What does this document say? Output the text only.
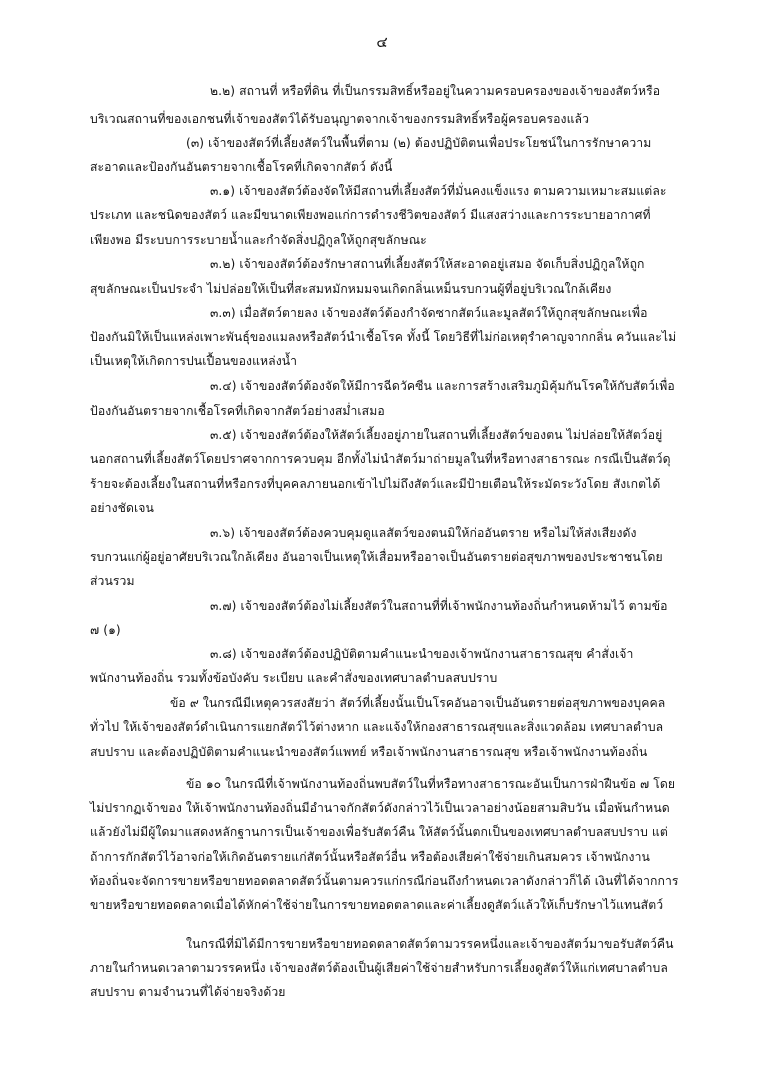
๔

๒.๒) สถานที่ หรือที่ดิน ที่เป็นกรรมสิทธิ์หรืออยู่ในความครอบครองของเจ้าของสัตว์หรือ

บริเวณสถานที่ของเอกชนที่เจ้าของสัตว์ได้รับอนุญาตจากเจ้าของกรรมสิทธิ์หรือผู้ครอบครองแล้ว

(๓) เจ้าของสัตว์ที่เลี้ยงสัตว์ในพื้นที่ตาม (๒) ต้องปฏิบัติตนเพื่อประโยชน์ในการรักษาความ

สะอาดและป้องกันอันตรายจากเชื้อโรคที่เกิดจากสัตว์ ดังนี้

๓.๑) เจ้าของสัตว์ต้องจัดให้มีสถานที่เลี้ยงสัตว์ที่มั่นคงแข็งแรง ตามความเหมาะสมแต่ละ

ประเภท และชนิดของสัตว์ และมีขนาดเพียงพอแก่การดำรงชีวิตของสัตว์ มีแสงสว่างและการระบายอากาศที่

เพียงพอ มีระบบการระบายน้ำและกำจัดสิ่งปฏิกูลให้ถูกสุขลักษณะ

๓.๒) เจ้าของสัตว์ต้องรักษาสถานที่เลี้ยงสัตว์ให้สะอาดอยู่เสมอ จัดเก็บสิ่งปฏิกูลให้ถูก

สุขลักษณะเป็นประจำ ไม่ปล่อยให้เป็นที่สะสมหมักหมมจนเกิดกลิ่นเหม็นรบกวนผู้ที่อยู่บริเวณใกล้เคียง

๓.๓) เมื่อสัตว์ตายลง เจ้าของสัตว์ต้องกำจัดซากสัตว์และมูลสัตว์ให้ถูกสุขลักษณะเพื่อ

ป้องกันมิให้เป็นแหล่งเพาะพันธุ์ของแมลงหรือสัตว์นำเชื้อโรค ทั้งนี้ โดยวิธีที่ไม่ก่อเหตุรำคาญจากกลิ่น ควันและไม่

เป็นเหตุให้เกิดการปนเปื้อนของแหล่งน้ำ

๓.๔) เจ้าของสัตว์ต้องจัดให้มีการฉีดวัคซีน และการสร้างเสริมภูมิคุ้มกันโรคให้กับสัตว์เพื่อ

ป้องกันอันตรายจากเชื้อโรคที่เกิดจากสัตว์อย่างสม่ำเสมอ

๓.๕) เจ้าของสัตว์ต้องให้สัตว์เลี้ยงอยู่ภายในสถานที่เลี้ยงสัตว์ของตน ไม่ปล่อยให้สัตว์อยู่

นอกสถานที่เลี้ยงสัตว์โดยปราศจากการควบคุม อีกทั้งไม่นำสัตว์มาถ่ายมูลในที่หรือทางสาธารณะ กรณีเป็นสัตว์ดุ

ร้ายจะต้องเลี้ยงในสถานที่หรือกรงที่บุคคลภายนอกเข้าไปไม่ถึงสัตว์และมีป้ายเตือนให้ระมัดระวังโดย สังเกตได้

อย่างชัดเจน

๓.๖) เจ้าของสัตว์ต้องควบคุมดูแลสัตว์ของตนมิให้ก่ออันตราย หรือไม่ให้ส่งเสียงดัง

รบกวนแก่ผู้อยู่อาศัยบริเวณใกล้เคียง อันอาจเป็นเหตุให้เสื่อมหรืออาจเป็นอันตรายต่อสุขภาพของประชาชนโดย

ส่วนรวม

๓.๗) เจ้าของสัตว์ต้องไม่เลี้ยงสัตว์ในสถานที่ที่เจ้าพนักงานท้องถิ่นกำหนดห้ามไว้ ตามข้อ

๗ (๑)

๓.๘) เจ้าของสัตว์ต้องปฏิบัติตามคำแนะนำของเจ้าพนักงานสาธารณสุข คำสั่งเจ้า

พนักงานท้องถิ่น รวมทั้งข้อบังคับ ระเบียบ และคำสั่งของเทศบาลตำบลสบปราบ

ข้อ ๙ ในกรณีมีเหตุควรสงสัยว่า สัตว์ที่เลี้ยงนั้นเป็นโรคอันอาจเป็นอันตรายต่อสุขภาพของบุคคล

ทั่วไป ให้เจ้าของสัตว์ดำเนินการแยกสัตว์ไว้ต่างหาก และแจ้งให้กองสาธารณสุขและสิ่งแวดล้อม เทศบาลตำบล

สบปราบ และต้องปฏิบัติตามคำแนะนำของสัตว์แพทย์ หรือเจ้าพนักงานสาธารณสุข หรือเจ้าพนักงานท้องถิ่น

ข้อ ๑๐ ในกรณีที่เจ้าพนักงานท้องถิ่นพบสัตว์ในที่หรือทางสาธารณะอันเป็นการฝ่าฝืนข้อ ๗ โดย

ไม่ปรากฏเจ้าของ ให้เจ้าพนักงานท้องถิ่นมีอำนาจกักสัตว์ดังกล่าวไว้เป็นเวลาอย่างน้อยสามสิบวัน เมื่อพ้นกำหนด

แล้วยังไม่มีผู้ใดมาแสดงหลักฐานการเป็นเจ้าของเพื่อรับสัตว์คืน ให้สัตว์นั้นตกเป็นของเทศบาลตำบลสบปราบ แต่

ถ้าการกักสัตว์ไว้อาจก่อให้เกิดอันตรายแก่สัตว์นั้นหรือสัตว์อื่น หรือต้องเสียค่าใช้จ่ายเกินสมควร เจ้าพนักงาน

ท้องถิ่นจะจัดการขายหรือขายทอดตลาดสัตว์นั้นตามควรแก่กรณีก่อนถึงกำหนดเวลาดังกล่าวก็ได้ เงินที่ได้จากการ

ขายหรือขายทอดตลาดเมื่อได้หักค่าใช้จ่ายในการขายทอดตลาดและค่าเลี้ยงดูสัตว์แล้วให้เก็บรักษาไว้แทนสัตว์

ในกรณีที่มิได้มีการขายหรือขายทอดตลาดสัตว์ตามวรรคหนึ่งและเจ้าของสัตว์มาขอรับสัตว์คืน

ภายในกำหนดเวลาตามวรรคหนึ่ง เจ้าของสัตว์ต้องเป็นผู้เสียค่าใช้จ่ายสำหรับการเลี้ยงดูสัตว์ให้แก่เทศบาลตำบล

สบปราบ ตามจำนวนที่ได้จ่ายจริงด้วย
